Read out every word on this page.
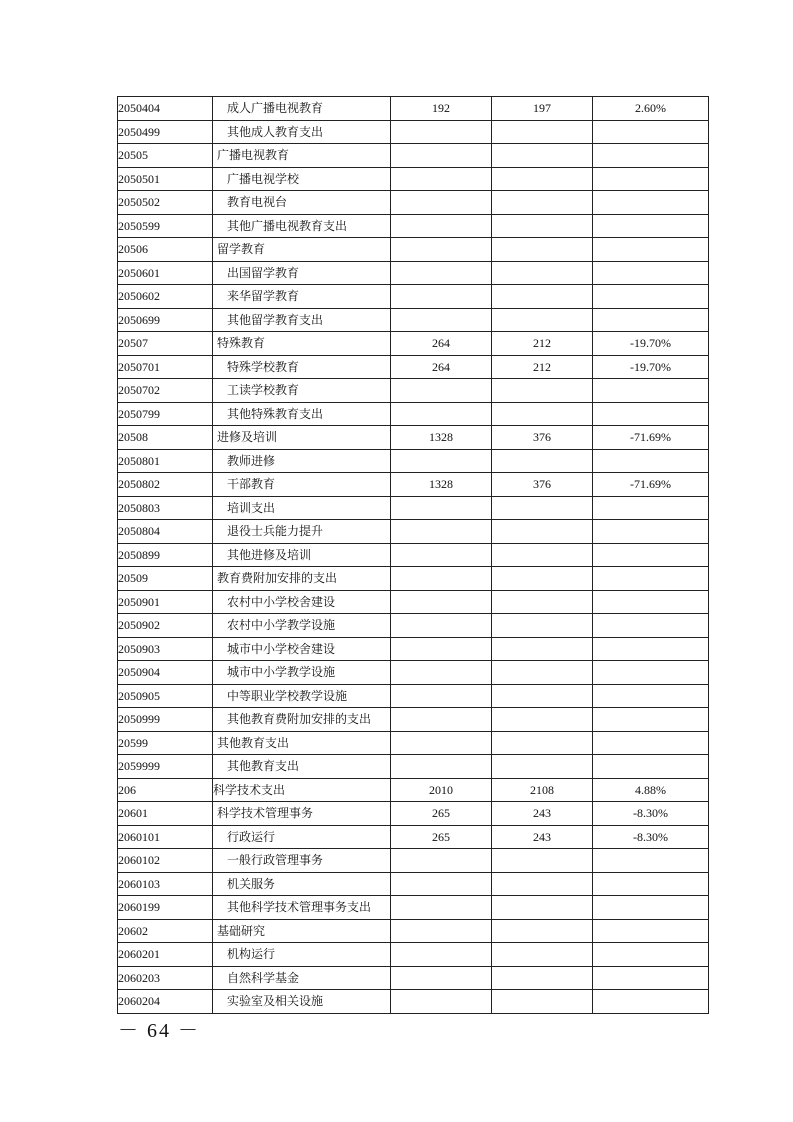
2050404	成人广播电视教育	192	197	2.60%
2050499	其他成人教育支出			
20505	广播电视教育			
2050501	广播电视学校			
2050502	教育电视台			
2050599	其他广播电视教育支出			
20506	留学教育			
2050601	出国留学教育			
2050602	来华留学教育			
2050699	其他留学教育支出			
20507	特殊教育	264	212	-19.70%
2050701	特殊学校教育	264	212	-19.70%
2050702	工读学校教育			
2050799	其他特殊教育支出			
20508	进修及培训	1328	376	-71.69%
2050801	教师进修			
2050802	干部教育	1328	376	-71.69%
2050803	培训支出			
2050804	退役士兵能力提升			
2050899	其他进修及培训			
20509	教育费附加安排的支出			
2050901	农村中小学校舍建设			
2050902	农村中小学教学设施			
2050903	城市中小学校舍建设			
2050904	城市中小学教学设施			
2050905	中等职业学校教学设施			
2050999	其他教育费附加安排的支出			
20599	其他教育支出			
2059999	其他教育支出			
206	科学技术支出	2010	2108	4.88%
20601	科学技术管理事务	265	243	-8.30%
2060101	行政运行	265	243	-8.30%
2060102	一般行政管理事务			
2060103	机关服务			
2060199	其他科学技术管理事务支出			
20602	基础研究			
2060201	机构运行			
2060203	自然科学基金			
2060204	实验室及相关设施			
－ 64 －
